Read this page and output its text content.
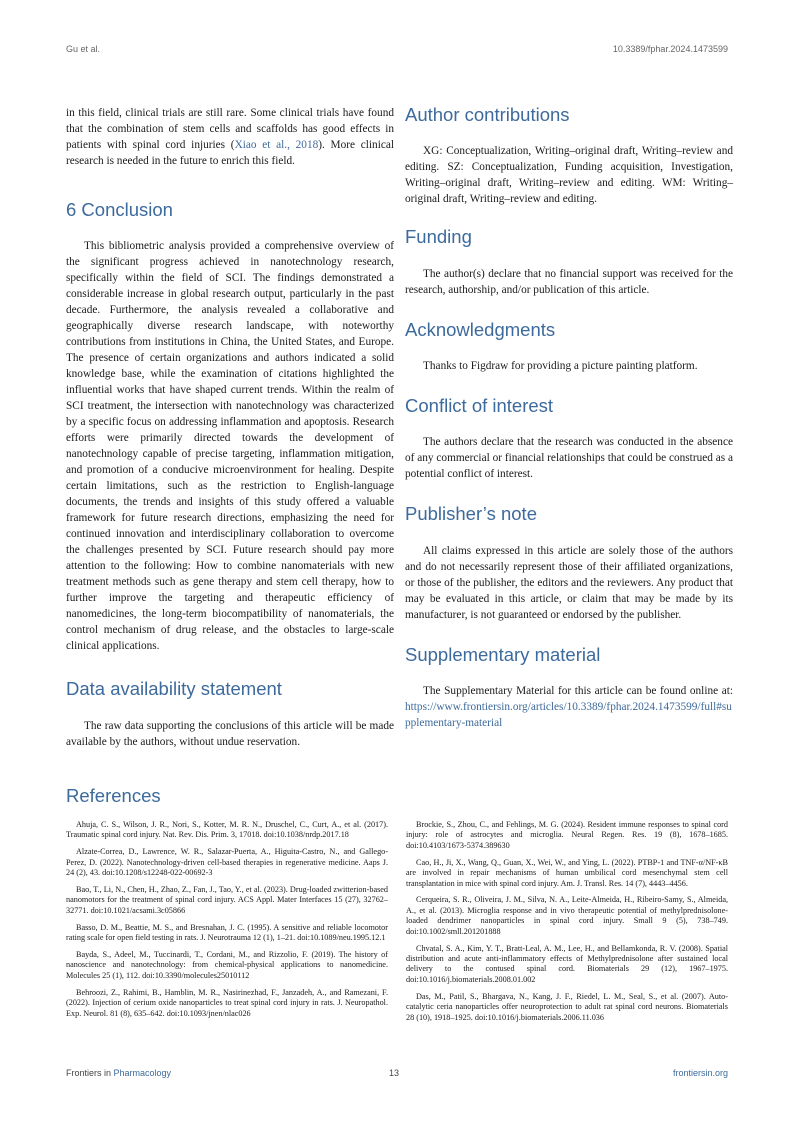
Gu et al.	10.3389/fphar.2024.1473599

in this field, clinical trials are still rare. Some clinical trials have found that the combination of stem cells and scaffolds has good effects in patients with spinal cord injuries (Xiao et al., 2018). More clinical research is needed in the future to enrich this field.

6 Conclusion

This bibliometric analysis provided a comprehensive overview of the significant progress achieved in nanotechnology research, specifically within the field of SCI. The findings demonstrated a considerable increase in global research output, particularly in the past decade. Furthermore, the analysis revealed a collaborative and geographically diverse research landscape, with noteworthy contributions from institutions in China, the United States, and Europe. The presence of certain organizations and authors indicated a solid knowledge base, while the examination of citations highlighted the influential works that have shaped current trends. Within the realm of SCI treatment, the intersection with nanotechnology was characterized by a specific focus on addressing inflammation and apoptosis. Research efforts were primarily directed towards the development of nanotechnology capable of precise targeting, inflammation mitigation, and promotion of a conducive microenvironment for healing. Despite certain limitations, such as the restriction to English-language documents, the trends and insights of this study offered a valuable framework for future research directions, emphasizing the need for continued innovation and interdisciplinary collaboration to overcome the challenges presented by SCI. Future research should pay more attention to the following: How to combine nanomaterials with new treatment methods such as gene therapy and stem cell therapy, how to further improve the targeting and therapeutic efficiency of nanomedicines, the long-term biocompatibility of nanomaterials, the control mechanism of drug release, and the obstacles to large-scale clinical applications.

Data availability statement

The raw data supporting the conclusions of this article will be made available by the authors, without undue reservation.

Author contributions

XG: Conceptualization, Writing–original draft, Writing–review and editing. SZ: Conceptualization, Funding acquisition, Investigation, Writing–original draft, Writing–review and editing. WM: Writing–original draft, Writing–review and editing.

Funding

The author(s) declare that no financial support was received for the research, authorship, and/or publication of this article.

Acknowledgments

Thanks to Figdraw for providing a picture painting platform.

Conflict of interest

The authors declare that the research was conducted in the absence of any commercial or financial relationships that could be construed as a potential conflict of interest.

Publisher’s note

All claims expressed in this article are solely those of the authors and do not necessarily represent those of their affiliated organizations, or those of the publisher, the editors and the reviewers. Any product that may be evaluated in this article, or claim that may be made by its manufacturer, is not guaranteed or endorsed by the publisher.

Supplementary material

The Supplementary Material for this article can be found online at: https://www.frontiersin.org/articles/10.3389/fphar.2024.1473599/full#supplementary-material

References

Ahuja, C. S., Wilson, J. R., Nori, S., Kotter, M. R. N., Druschel, C., Curt, A., et al. (2017). Traumatic spinal cord injury. Nat. Rev. Dis. Prim. 3, 17018. doi:10.1038/nrdp.2017.18

Alzate-Correa, D., Lawrence, W. R., Salazar-Puerta, A., Higuita-Castro, N., and Gallego-Perez, D. (2022). Nanotechnology-driven cell-based therapies in regenerative medicine. Aaps J. 24 (2), 43. doi:10.1208/s12248-022-00692-3

Bao, T., Li, N., Chen, H., Zhao, Z., Fan, J., Tao, Y., et al. (2023). Drug-loaded zwitterion-based nanomotors for the treatment of spinal cord injury. ACS Appl. Mater Interfaces 15 (27), 32762–32771. doi:10.1021/acsami.3c05866

Basso, D. M., Beattie, M. S., and Bresnahan, J. C. (1995). A sensitive and reliable locomotor rating scale for open field testing in rats. J. Neurotrauma 12 (1), 1–21. doi:10.1089/neu.1995.12.1

Bayda, S., Adeel, M., Tuccinardi, T., Cordani, M., and Rizzolio, F. (2019). The history of nanoscience and nanotechnology: from chemical-physical applications to nanomedicine. Molecules 25 (1), 112. doi:10.3390/molecules25010112

Behroozi, Z., Rahimi, B., Hamblin, M. R., Nasirinezhad, F., Janzadeh, A., and Ramezani, F. (2022). Injection of cerium oxide nanoparticles to treat spinal cord injury in rats. J. Neuropathol. Exp. Neurol. 81 (8), 635–642. doi:10.1093/jnen/nlac026

Brockie, S., Zhou, C., and Fehlings, M. G. (2024). Resident immune responses to spinal cord injury: role of astrocytes and microglia. Neural Regen. Res. 19 (8), 1678–1685. doi:10.4103/1673-5374.389630

Cao, H., Ji, X., Wang, Q., Guan, X., Wei, W., and Ying, L. (2022). PTBP-1 and TNF-α/NF-κB are involved in repair mechanisms of human umbilical cord mesenchymal stem cell transplantation in mice with spinal cord injury. Am. J. Transl. Res. 14 (7), 4443–4456.

Cerqueira, S. R., Oliveira, J. M., Silva, N. A., Leite-Almeida, H., Ribeiro-Samy, S., Almeida, A., et al. (2013). Microglia response and in vivo therapeutic potential of methylprednisolone-loaded dendrimer nanoparticles in spinal cord injury. Small 9 (5), 738–749. doi:10.1002/smll.201201888

Chvatal, S. A., Kim, Y. T., Bratt-Leal, A. M., Lee, H., and Bellamkonda, R. V. (2008). Spatial distribution and acute anti-inflammatory effects of Methylprednisolone after sustained local delivery to the contused spinal cord. Biomaterials 29 (12), 1967–1975. doi:10.1016/j.biomaterials.2008.01.002

Das, M., Patil, S., Bhargava, N., Kang, J. F., Riedel, L. M., Seal, S., et al. (2007). Auto-catalytic ceria nanoparticles offer neuroprotection to adult rat spinal cord neurons. Biomaterials 28 (10), 1918–1925. doi:10.1016/j.biomaterials.2006.11.036

Frontiers in Pharmacology	13	frontiersin.org
